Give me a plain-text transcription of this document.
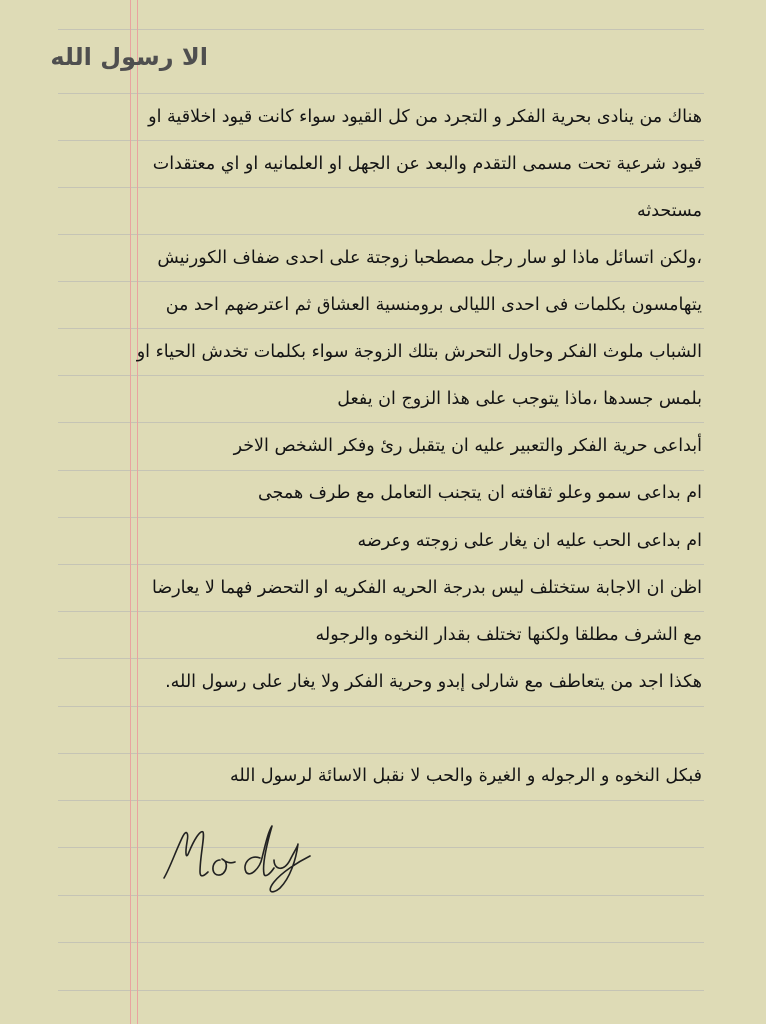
الا رسول الله
هناك من ينادى بحرية الفكر و التجرد من كل القيود سواء كانت قيود اخلاقية او
قيود شرعية تحت مسمى التقدم والبعد عن الجهل او العلمانيه او اي معتقدات
مستحدثه
،ولكن اتسائل ماذا لو سار رجل مصطحبا زوجتة على احدى ضفاف الكورنيش
يتهامسون بكلمات فى احدى الليالى برومنسية العشاق ثم اعترضهم احد من
الشباب ملوث الفكر وحاول التحرش بتلك الزوجة سواء بكلمات تخدش الحياء او
بلمس جسدها ،ماذا يتوجب على هذا الزوج ان يفعل
أبداعى حرية الفكر والتعبير عليه ان يتقبل رئ وفكر الشخص الاخر
ام بداعى سمو وعلو ثقافته ان يتجنب التعامل مع طرف همجى
ام بداعى الحب عليه ان يغار على زوجته وعرضه
اظن ان الاجابة ستختلف ليس بدرجة الحريه الفكريه او التحضر فهما لا يعارضا
مع الشرف مطلقا ولكنها تختلف بقدار النخوه والرجوله
هكذا اجد من يتعاطف مع شارلى إبدو وحرية الفكر ولا يغار على رسول الله.
فبكل النخوه و الرجوله و الغيرة والحب لا نقبل الاسائة لرسول الله
